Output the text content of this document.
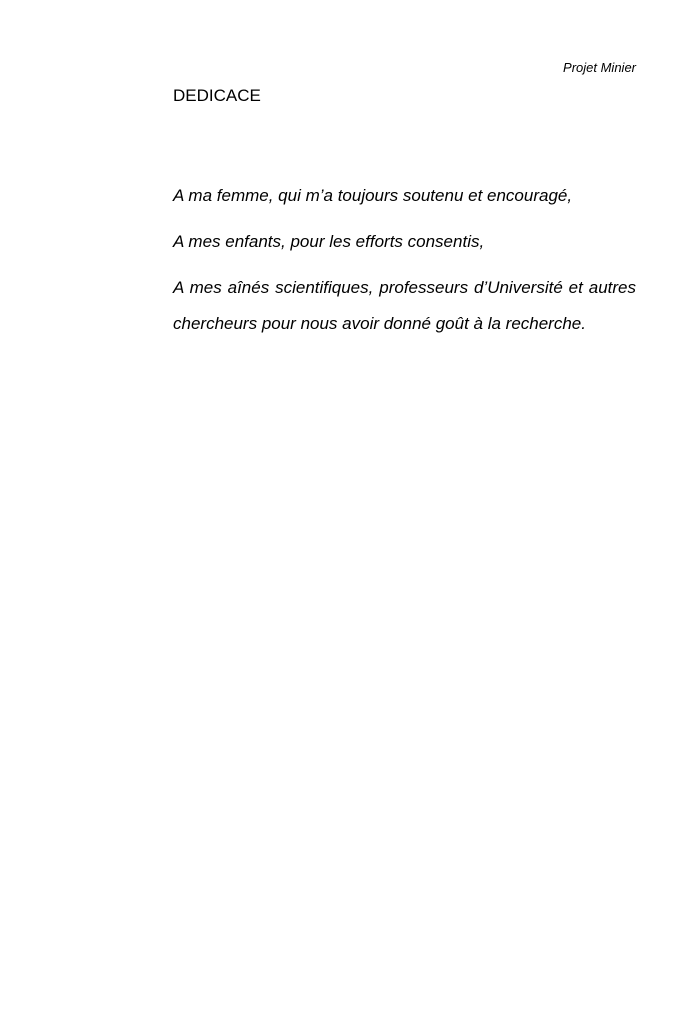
Projet Minier
DEDICACE

A ma femme, qui m’a toujours soutenu et encouragé,

A mes enfants, pour les efforts consentis,

A mes aînés scientifiques, professeurs d’Université et autres chercheurs pour nous avoir donné goût à la recherche.
